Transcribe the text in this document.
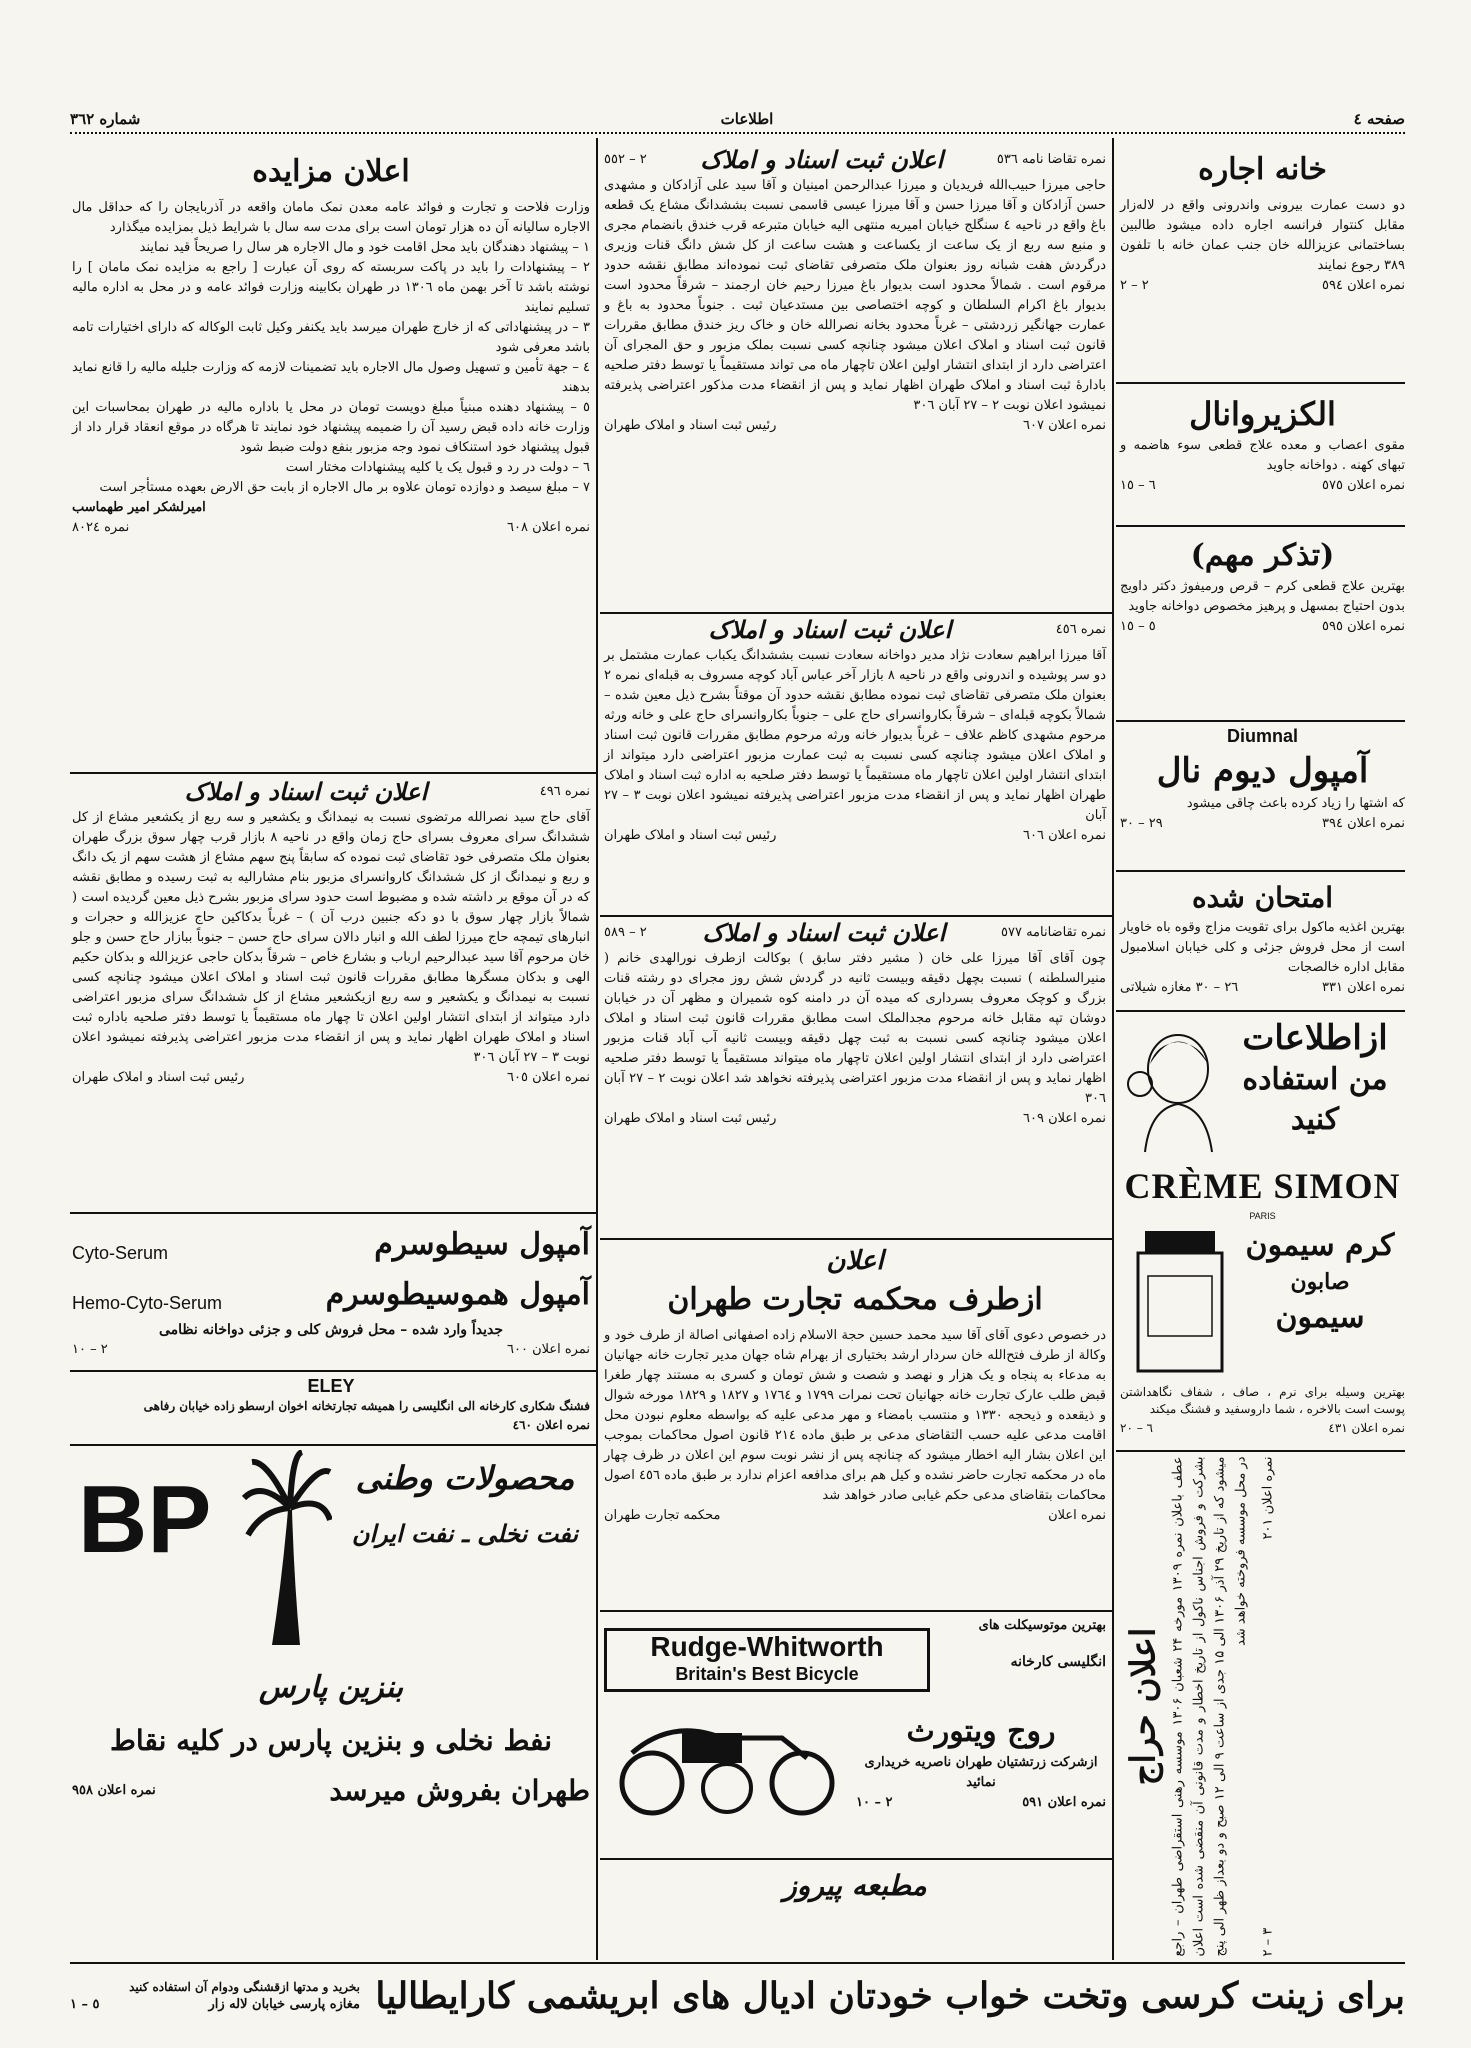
صفحه ٤
اطلاعات
شماره ٣٦٢
خانه اجاره

دو دست عمارت بیرونی واندرونی واقع در لاله‌زار مقابل کنتوار فرانسه اجاره داده میشود طالبین بساختمانی عزیزالله خان جنب عمان خانه با تلفون ۳۸۹ رجوع نمایند

نمره اعلان ٥٩٤
٢ – ٢
الکزیروانال

مقوی اعصاب و معده علاج قطعی سوء هاضمه و تبهای کهنه . دواخانه جاوید

نمره اعلان ٥٧٥
٦ – ١٥
(تذکر مهم)

بهترین علاج قطعی کرم – قرص ورمیفوژ دکتر داویج بدون احتیاج بمسهل و پرهیز مخصوص دواخانه جاوید

نمره اعلان ٥٩٥
٥ – ١٥
Diumnal
آمپول دیوم نال

که اشتها را زیاد کرده باعث چاقی میشود

نمره اعلان ٣٩٤
٢٩ – ٣٠
امتحان شده

بهترین اغذیه ماکول برای تقویت مزاج وقوه باه خاویار است از محل فروش جزئی و کلی خیابان اسلامبول مقابل اداره خالصجات

نمره اعلان ٣٣١
٢٦ – ٣٠ مغازه شیلاتی
ازاطلاعات
من استفاده
کنید
CRÈME SIMON
PARIS
کرم سیمون
صابون
سیمون

بهترین وسیله برای نرم ، صاف ، شفاف نگاهداشتن پوست است بالاخره ، شما داروسفید و قشنگ میکند

نمره اعلان ٤٣١
٦ – ٢٠
اعلان حراج

عطف باعلان نمره ۱۳۰۹ مورخه ۲۴ شعبان ۱۳۰۶ موسسه رهنی استقراضی طهران – راجع بشرکت و فروش اجناس ناکول از تاریخ اخطار و مدت قانونی آن منقضی شده است اعلان میشود که از تاریخ ۲۹ آذر ۱۳۰۶ الی ۱۵ جدی از ساعت ۹ الی ۱۲ صبح و دو بعداز ظهر الی پنج در محل موسسه فروخته خواهد شد نمره اعلان ٢٠١
٣ – ٢
نمره تقاضا نامه ٥٣٦
اعلان ثبت اسناد و املاک
٢ – ٥٥٢

حاجی میرزا حبیب‌الله فریدیان و میرزا عبدالرحمن امینیان و آقا سید علی آزادکان و مشهدی حسن آزادکان و آقا میرزا حسن و آقا میرزا عیسی قاسمی نسبت بششدانگ مشاع یک قطعه باغ واقع در ناحیه ٤ سنگلج خیابان امیریه منتهی الیه خیابان متبرعه قرب خندق بانضمام مجری و منبع سه ربع از یک ساعت از یکساعت و هشت ساعت از کل شش دانگ قنات وزیری درگردش هفت شبانه روز بعنوان ملک متصرفی تقاضای ثبت نموده‌اند مطابق نقشه حدود مرقوم است . شمالاً محدود است بدیوار باغ میرزا رحیم خان ارجمند – شرقاً محدود است بدیوار باغ اکرام السلطان و کوچه اختصاصی بین مستدعیان ثبت . جنوباً محدود به باغ و عمارت جهانگیر زردشتی – غرباً محدود بخانه نصرالله خان و خاک ریز خندق مطابق مقررات قانون ثبت اسناد و املاک اعلان میشود چنانچه کسی نسبت بملک مزبور و حق المجرای آن اعتراضی دارد از ابتدای انتشار اولین اعلان تاچهار ماه می تواند مستقیماً یا توسط دفتر صلحیه بادارهٔ ثبت اسناد و املاک طهران اظهار نماید و پس از انقضاء مدت مذکور اعتراضی پذیرفته نمیشود اعلان نوبت ٢ – ٢٧ آبان ٣٠٦

نمره اعلان ٦٠٧
رئیس ثبت اسناد و املاک طهران
نمره ٤٥٦
اعلان ثبت اسناد و املاک

آقا میرزا ابراهیم سعادت نژاد مدیر دواخانه سعادت نسبت بششدانگ یکباب عمارت مشتمل بر دو سر پوشیده و اندرونی واقع در ناحیه ٨ بازار آخر عباس آباد کوچه مسروف به قبله‌ای نمره ٢ بعنوان ملک متصرفی تقاضای ثبت نموده مطابق نقشه حدود آن موقتاً بشرح ذیل معین شده – شمالاً بکوچه قبله‌ای – شرقاً بکاروانسرای حاج علی – جنوباً بکاروانسرای حاج علی و خانه ورثه مرحوم مشهدی کاظم علاف – غرباً بدیوار خانه ورثه مرحوم مطابق مقررات قانون ثبت اسناد و املاک اعلان میشود چنانچه کسی نسبت به ثبت عمارت مزبور اعتراضی دارد میتواند از ابتدای انتشار اولین اعلان تاچهار ماه مستقیماً یا توسط دفتر صلحیه به اداره ثبت اسناد و املاک طهران اظهار نماید و پس از انقضاء مدت مزبور اعتراضی پذیرفته نمیشود اعلان نوبت ٣ – ٢٧ آبان

نمره اعلان ٦٠٦
رئیس ثبت اسناد و املاک طهران
نمره تقاضانامه ٥٧٧
اعلان ثبت اسناد و املاک
٢ – ٥٨٩

چون آقای آقا میرزا علی خان ( مشیر دفتر سابق ) بوکالت ازطرف نورالهدی خانم ( منیرالسلطنه ) نسبت بچهل دقیقه وبیست ثانیه در گردش شش روز مجرای دو رشته قنات بزرگ و کوچک معروف بسرداری که میده آن در دامنه کوه شمیران و مظهر آن در خیابان دوشان تپه مقابل خانه مرحوم مجدالملک است مطابق مقررات قانون ثبت اسناد و املاک اعلان میشود چنانچه کسی نسبت به ثبت چهل دقیقه وبیست ثانیه آب آباد قنات مزبور اعتراضی دارد از ابتدای انتشار اولین اعلان تاچهار ماه میتواند مستقیماً یا توسط دفتر صلحیه اظهار نماید و پس از انقضاء مدت مزبور اعتراضی پذیرفته نخواهد شد اعلان نوبت ٢ – ٢٧ آبان ٣٠٦

نمره اعلان ٦٠٩
رئیس ثبت اسناد و املاک طهران
اعلان
ازطرف محکمه تجارت طهران

در خصوص دعوی آقای آقا سید محمد حسین حجة الاسلام زاده اصفهانی اصالة از طرف خود و وکالة از طرف فتح‌الله خان سردار ارشد بختیاری از بهرام شاه جهان مدیر تجارت خانه جهانیان به مدعاء به پنجاه و یک هزار و نهصد و شصت و شش تومان و کسری به مستند چهار طغرا قبض طلب عارک تجارت خانه جهانیان تحت نمرات ١٧٩٩ و ١٧٦٤ و ١٨٢٧ و ١٨٢٩ مورخه شوال و ذیقعده و ذیحجه ١٣٣٠ و منتسب بامضاء و مهر مدعی علیه که بواسطه معلوم نبودن محل اقامت مدعی علیه حسب التقاضای مدعی بر طبق ماده ٢١٤ قانون اصول محاکمات بموجب این اعلان بشار الیه اخطار میشود که چنانچه پس از نشر نوبت سوم این اعلان در ظرف چهار ماه در محکمه تجارت حاضر نشده و کیل هم برای مدافعه اعزام ندارد بر طبق ماده ٤٥٦ اصول محاکمات بتقاضای مدعی حکم غیابی صادر خواهد شد

نمره اعلان
محکمه تجارت طهران
بهترین موتوسیکلت های
Rudge-Whitworth
Britain's Best Bicycle
انگلیسی کارخانه
روج ویتورث

ازشرکت زرتشتیان طهران ناصریه خریداری نمائید

نمره اعلان ٥٩١
٢ – ١٠
مطبعه پیروز
اعلان مزایده

وزارت فلاحت و تجارت و فوائد عامه معدن نمک مامان واقعه در آذربایجان را که حداقل مال الاجاره سالیانه آن ده هزار تومان است برای مدت سه سال با شرایط ذیل بمزایده میگذارد

١ – پیشنهاد دهندگان باید محل اقامت خود و مال الاجاره هر سال را صریحاً قید نمایند

٢ – پیشنهادات را باید در پاکت سربسته که روی آن عبارت [ راجع به مزایده نمک مامان ] را نوشته باشد تا آخر بهمن ماه ١٣٠٦ در طهران بکابینه وزارت فوائد عامه و در محل به اداره مالیه تسلیم نمایند

٣ – در پیشنهاداتی که از خارج طهران میرسد باید یکنفر وکیل ثابت الوکاله که دارای اختیارات تامه باشد معرفی شود

٤ – جهة تأمین و تسهیل وصول مال الاجاره باید تضمینات لازمه که وزارت جلیله مالیه را قانع نماید بدهند

٥ – پیشنهاد دهنده مبنیاً مبلغ دویست تومان در محل یا باداره مالیه در طهران بمحاسبات این وزارت خانه داده قبض رسید آن را ضمیمه پیشنهاد خود نمایند تا هرگاه در موقع انعقاد قرار داد از قبول پیشنهاد خود استنکاف نمود وجه مزبور بنفع دولت ضبط شود

٦ – دولت در رد و قبول یک یا کلیه پیشنهادات مختار است

٧ – مبلغ سیصد و دوازده تومان علاوه بر مال الاجاره از بابت حق الارض بعهده مستأجر است

امیرلشکر امیر طهماسب
نمره اعلان ٦٠٨
نمره ٨٠٢٤
نمره ٤٩٦
اعلان ثبت اسناد و املاک

آقای حاج سید نصرالله مرتضوی نسبت به نیمدانگ و یکشعیر و سه ربع از یکشعیر مشاع از کل ششدانگ سرای معروف بسرای حاج زمان واقع در ناحیه ٨ بازار قرب چهار سوق بزرگ طهران بعنوان ملک متصرفی خود تقاضای ثبت نموده که سابقاً پنج سهم مشاع از هشت سهم از یک دانگ و ربع و نیمدانگ از کل ششدانگ کاروانسرای مزبور بنام مشارالیه به ثبت رسیده و مطابق نقشه که در آن موقع بر داشته شده و مضبوط است حدود سرای مزبور بشرح ذیل معین گردیده است ( شمالاً بازار چهار سوق با دو دکه جنبین درب آن ) – غرباً بدکاکین حاج عزیزالله و حجرات و انبارهای تیمچه حاج میرزا لطف الله و انبار دالان سرای حاج حسن – جنوباً ببازار حاج حسن و جلو خان مرحوم آقا سید عبدالرحیم ارباب و بشارع خاص – شرقاً بدکان حاجی عزیزالله و بدکان حکیم الهی و بدکان مسگرها مطابق مقررات قانون ثبت اسناد و املاک اعلان میشود چنانچه کسی نسبت به نیمدانگ و یکشعیر و سه ربع ازیکشعیر مشاع از کل ششدانگ سرای مزبور اعتراضی دارد میتواند از ابتدای انتشار اولین اعلان تا چهار ماه مستقیماً یا توسط دفتر صلحیه باداره ثبت اسناد و املاک طهران اظهار نماید و پس از انقضاء مدت مزبور اعتراضی پذیرفته نمیشود اعلان نوبت ٣ – ٢٧ آبان ٣٠٦

نمره اعلان ٦٠٥
رئیس ثبت اسناد و املاک طهران
Cyto-Serum
Hemo-Cyto-Serum
آمپول سیطوسرم
آمپول هموسیطوسرم

جدیداً وارد شده – محل فروش کلی و جزئی دواخانه نظامی

نمره اعلان ٦٠٠
٢ – ١٠
ELEY

فشنگ شکاری کارخانه الی انگلیسی را همیشه تجارتخانه اخوان ارسطو زاده خیابان رفاهی

نمره اعلان ٤٦٠
BP	محصولات وطنی
نفت نخلی ـ نفت ایران
بنزین پارس
نفط نخلی و بنزین پارس در کلیه نقاط
طهران بفروش میرسد
نمره اعلان ٩٥٨
برای زینت کرسی وتخت خواب خودتان ادیال های ابریشمی کارایطالیا
بخرید و مدتها ازقشنگی ودوام آن استفاده کنید
مغازه پارسی خیابان لاله زار
٥ – ١
